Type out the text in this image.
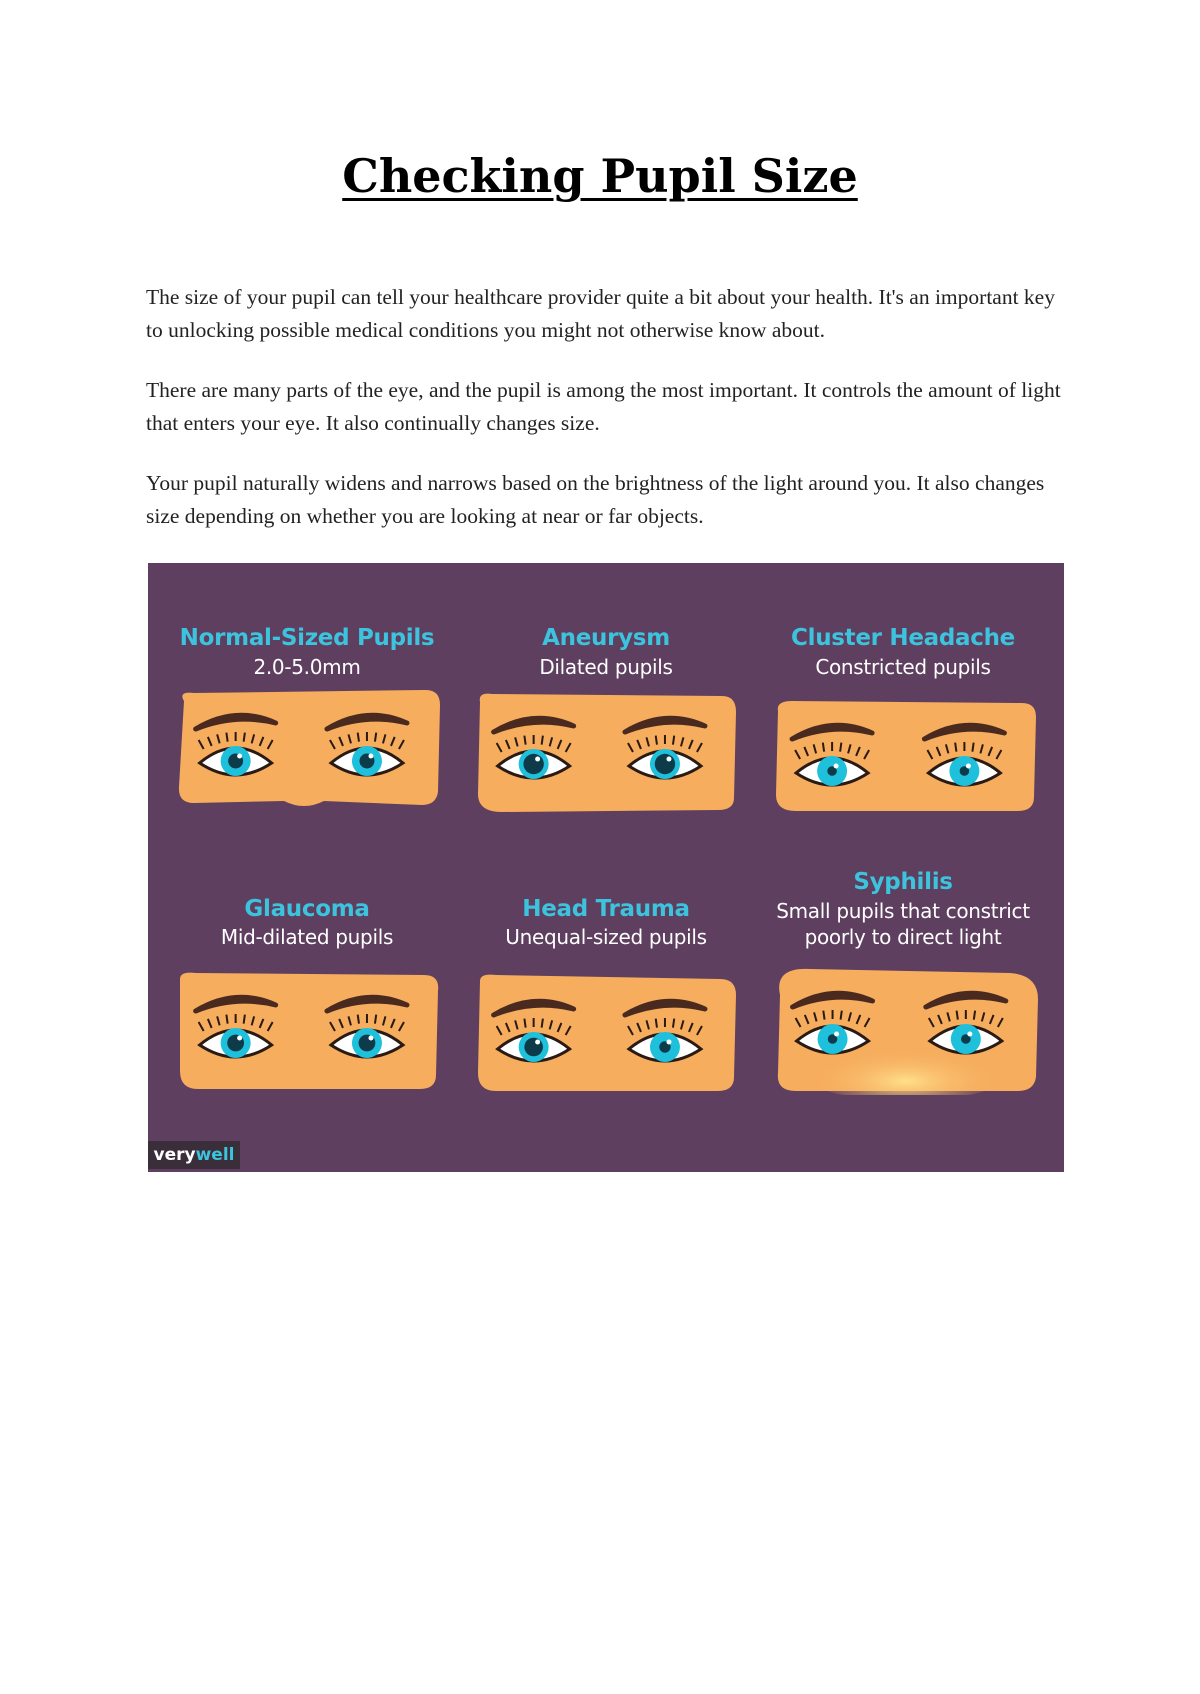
Checking Pupil Size

The size of your pupil can tell your healthcare provider quite a bit about your health. It's an important key to unlocking possible medical conditions you might not otherwise know about.

There are many parts of the eye, and the pupil is among the most important. It controls the amount of light that enters your eye. It also continually changes size.

Your pupil naturally widens and narrows based on the brightness of the light around you. It also changes size depending on whether you are looking at near or far objects.

Normal-Sized Pupils
2.0-5.0mm
Aneurysm
Dilated pupils
Cluster Headache
Constricted pupils
Glaucoma
Mid-dilated pupils
Head Trauma
Unequal-sized pupils
Syphilis
Small pupils that constrict
poorly to direct light
verywell
